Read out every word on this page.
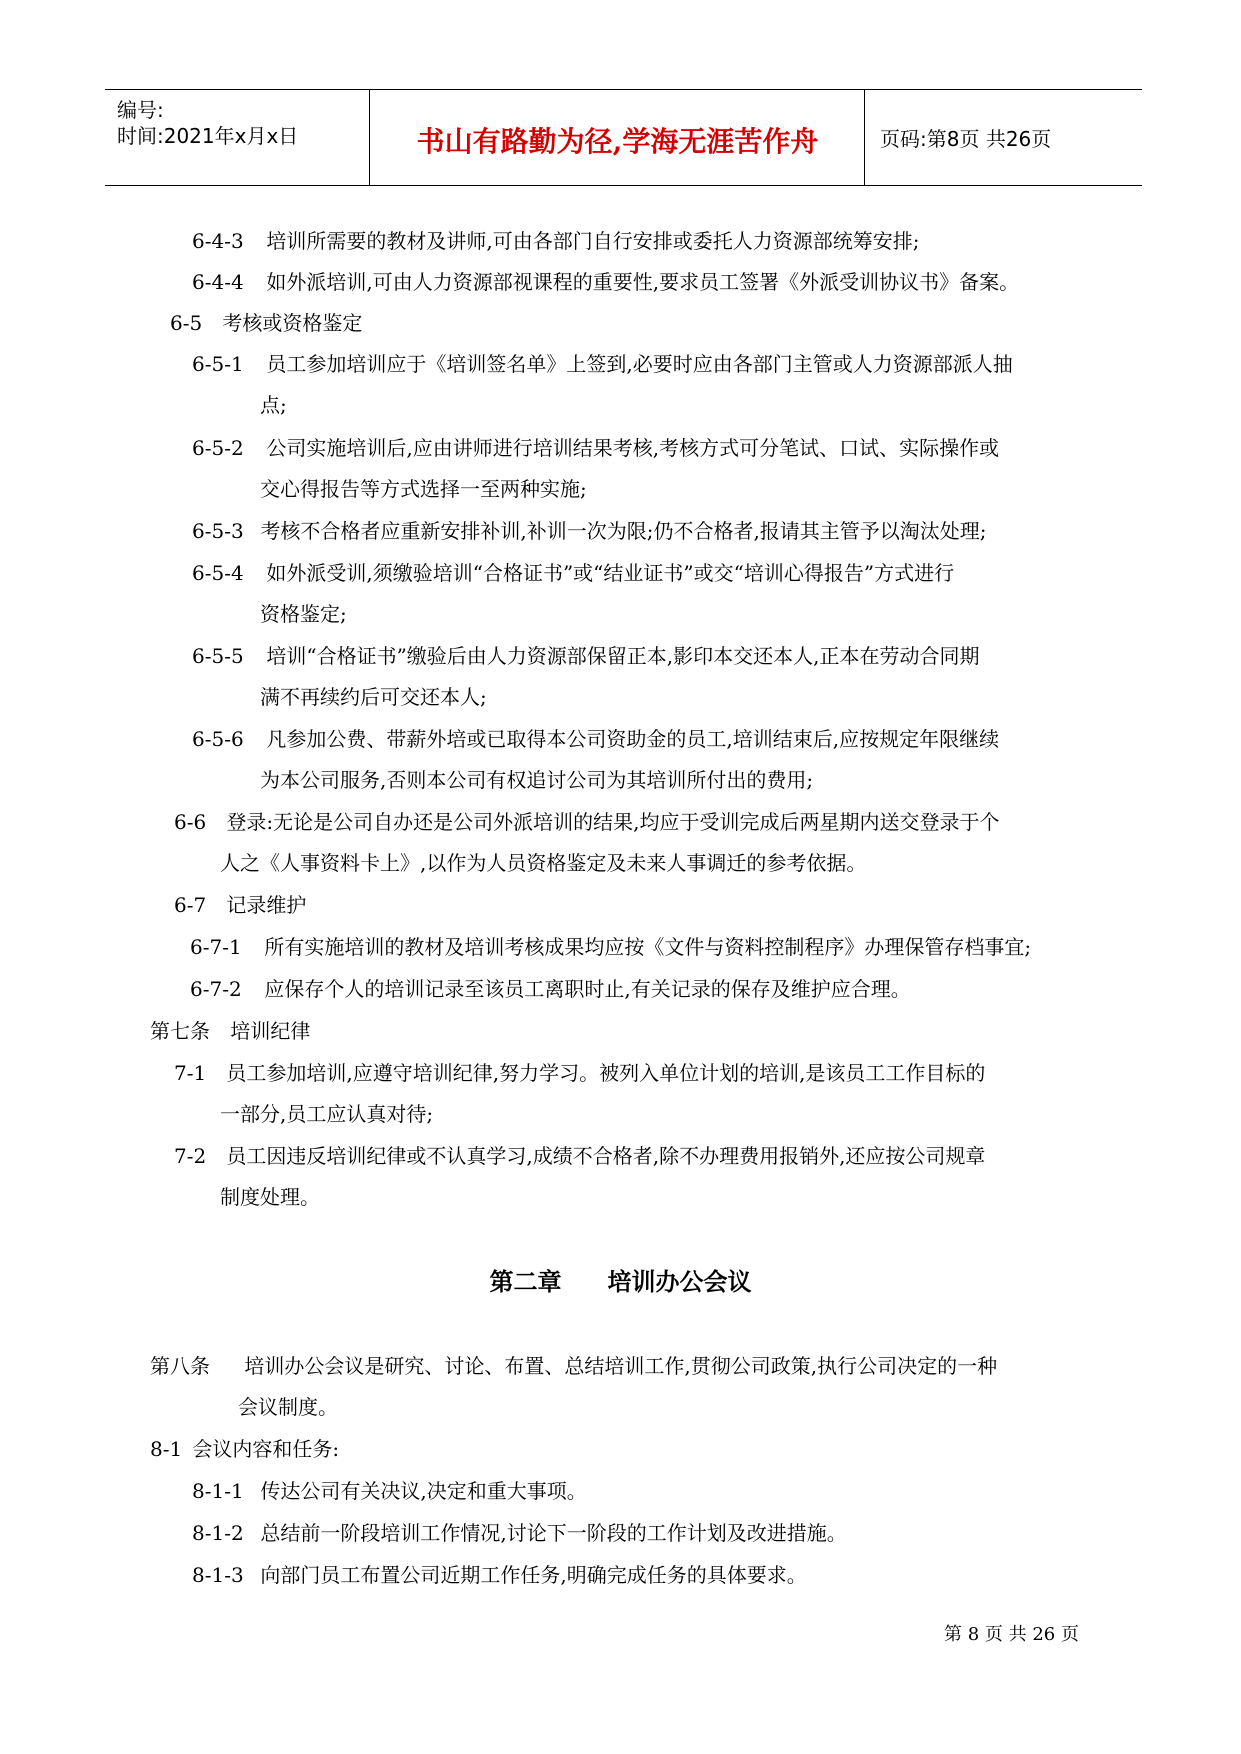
编号:
时间:2021年x月x日	书山有路勤为径,学海无涯苦作舟	页码:第8页 共26页
6-4-3 培训所需要的教材及讲师,可由各部门自行安排或委托人力资源部统筹安排;
6-4-4 如外派培训,可由人力资源部视课程的重要性,要求员工签署《外派受训协议书》备案。
6-5 考核或资格鉴定
6-5-1 员工参加培训应于《培训签名单》上签到,必要时应由各部门主管或人力资源部派人抽
点;
6-5-2 公司实施培训后,应由讲师进行培训结果考核,考核方式可分笔试、口试、实际操作或
交心得报告等方式选择一至两种实施;
6-5-3 考核不合格者应重新安排补训,补训一次为限;仍不合格者,报请其主管予以淘汰处理;
6-5-4 如外派受训,须缴验培训“合格证书”或“结业证书”或交“培训心得报告”方式进行
资格鉴定;
6-5-5 培训“合格证书”缴验后由人力资源部保留正本,影印本交还本人,正本在劳动合同期
满不再续约后可交还本人;
6-5-6 凡参加公费、带薪外培或已取得本公司资助金的员工,培训结束后,应按规定年限继续
为本公司服务,否则本公司有权追讨公司为其培训所付出的费用;
6-6 登录:无论是公司自办还是公司外派培训的结果,均应于受训完成后两星期内送交登录于个
人之《人事资料卡上》,以作为人员资格鉴定及未来人事调迁的参考依据。
6-7 记录维护
6-7-1 所有实施培训的教材及培训考核成果均应按《文件与资料控制程序》办理保管存档事宜;
6-7-2 应保存个人的培训记录至该员工离职时止,有关记录的保存及维护应合理。
第七条 培训纪律
7-1 员工参加培训,应遵守培训纪律,努力学习。被列入单位计划的培训,是该员工工作目标的
一部分,员工应认真对待;
7-2 员工因违反培训纪律或不认真学习,成绩不合格者,除不办理费用报销外,还应按公司规章
制度处理。
第二章 培训办公会议
第八条 培训办公会议是研究、讨论、布置、总结培训工作,贯彻公司政策,执行公司决定的一种
会议制度。
8-1 会议内容和任务:
8-1-1 传达公司有关决议,决定和重大事项。
8-1-2 总结前一阶段培训工作情况,讨论下一阶段的工作计划及改进措施。
8-1-3 向部门员工布置公司近期工作任务,明确完成任务的具体要求。
第 8 页 共 26 页
